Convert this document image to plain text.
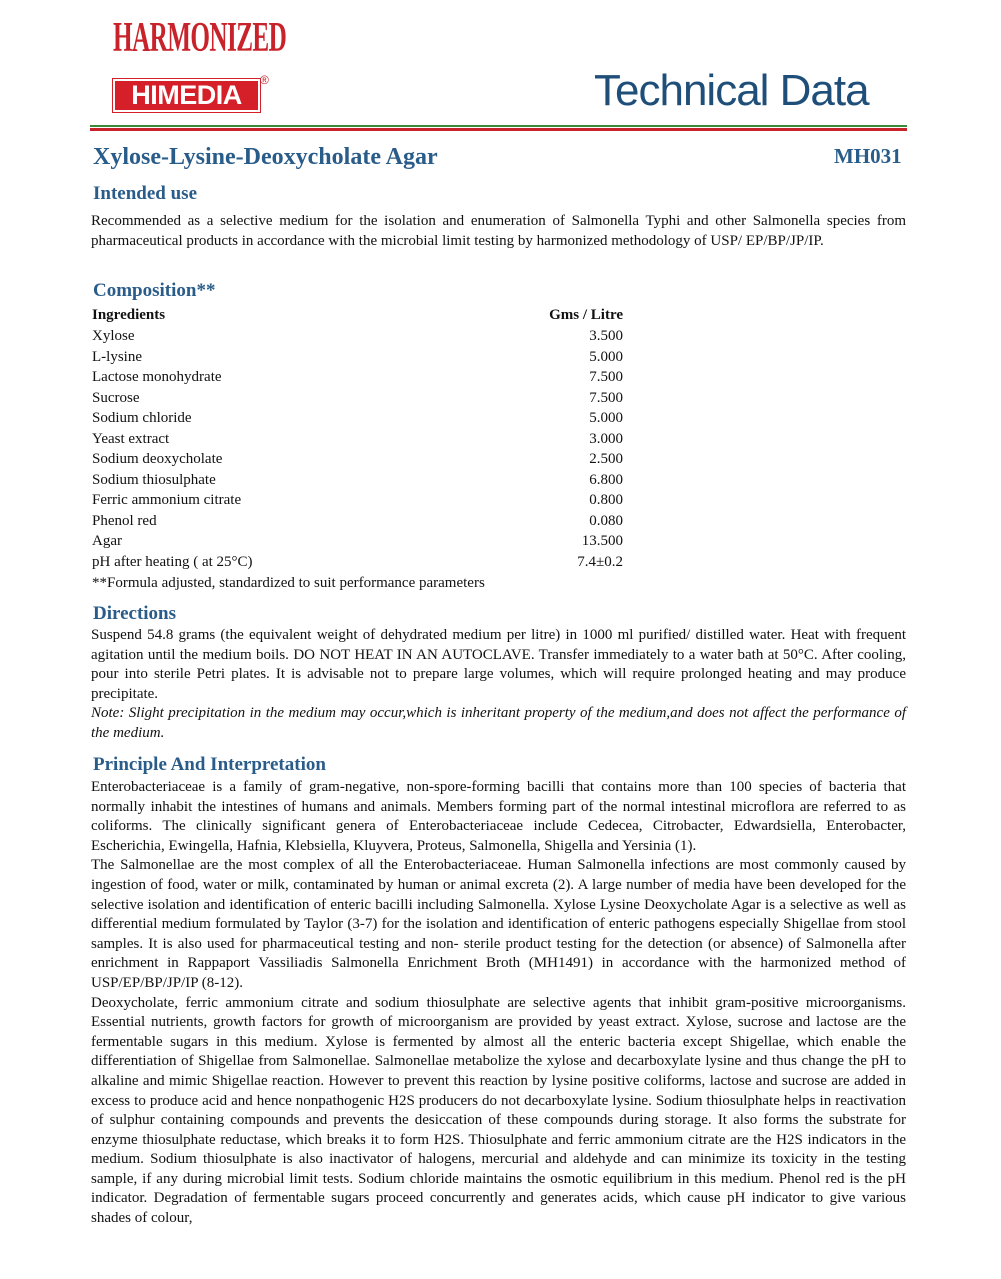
HARMONIZED
HIMEDIA	®	Technical Data
Xylose-Lysine-Deoxycholate Agar	MH031
Intended use

Recommended as a selective medium for the isolation and enumeration of Salmonella Typhi and other Salmonella species from pharmaceutical products in accordance with the microbial limit testing by harmonized methodology of USP/ EP/BP/JP/IP.

Composition**
Ingredients	Gms / Litre
Xylose	3.500
L-lysine	5.000
Lactose monohydrate	7.500
Sucrose	7.500
Sodium chloride	5.000
Yeast extract	3.000
Sodium deoxycholate	2.500
Sodium thiosulphate	6.800
Ferric ammonium citrate	0.800
Phenol red	0.080
Agar	13.500
pH after heating ( at 25°C)	7.4±0.2
**Formula adjusted, standardized to suit performance parameters
Directions

Suspend 54.8 grams (the equivalent weight of dehydrated medium per litre) in 1000 ml purified/ distilled water. Heat with frequent agitation until the medium boils. DO NOT HEAT IN AN AUTOCLAVE. Transfer immediately to a water bath at 50°C. After cooling, pour into sterile Petri plates. It is advisable not to prepare large volumes, which will require prolonged heating and may produce precipitate.

Note: Slight precipitation in the medium may occur,which is inheritant property of the medium,and does not affect the performance of the medium.

Principle And Interpretation

Enterobacteriaceae is a family of gram-negative, non-spore-forming bacilli that contains more than 100 species of bacteria that normally inhabit the intestines of humans and animals. Members forming part of the normal intestinal microflora are referred to as coliforms. The clinically significant genera of Enterobacteriaceae include Cedecea, Citrobacter, Edwardsiella, Enterobacter, Escherichia, Ewingella, Hafnia, Klebsiella, Kluyvera, Proteus, Salmonella, Shigella and Yersinia (1).

The Salmonellae are the most complex of all the Enterobacteriaceae. Human Salmonella infections are most commonly caused by ingestion of food, water or milk, contaminated by human or animal excreta (2). A large number of media have been developed for the selective isolation and identification of enteric bacilli including Salmonella. Xylose Lysine Deoxycholate Agar is a selective as well as differential medium formulated by Taylor (3-7) for the isolation and identification of enteric pathogens especially Shigellae from stool samples. It is also used for pharmaceutical testing and non- sterile product testing for the detection (or absence) of Salmonella after enrichment in Rappaport Vassiliadis Salmonella Enrichment Broth (MH1491) in accordance with the harmonized method of USP/EP/BP/JP/IP (8-12).

Deoxycholate, ferric ammonium citrate and sodium thiosulphate are selective agents that inhibit gram-positive microorganisms. Essential nutrients, growth factors for growth of microorganism are provided by yeast extract. Xylose, sucrose and lactose are the fermentable sugars in this medium. Xylose is fermented by almost all the enteric bacteria except Shigellae, which enable the differentiation of Shigellae from Salmonellae. Salmonellae metabolize the xylose and decarboxylate lysine and thus change the pH to alkaline and mimic Shigellae reaction. However to prevent this reaction by lysine positive coliforms, lactose and sucrose are added in excess to produce acid and hence nonpathogenic H2S producers do not decarboxylate lysine. Sodium thiosulphate helps in reactivation of sulphur containing compounds and prevents the desiccation of these compounds during storage. It also forms the substrate for enzyme thiosulphate reductase, which breaks it to form H2S. Thiosulphate and ferric ammonium citrate are the H2S indicators in the medium. Sodium thiosulphate is also inactivator of halogens, mercurial and aldehyde and can minimize its toxicity in the testing sample, if any during microbial limit tests. Sodium chloride maintains the osmotic equilibrium in this medium. Phenol red is the pH indicator. Degradation of fermentable sugars proceed concurrently and generates acids, which cause pH indicator to give various shades of colour,
